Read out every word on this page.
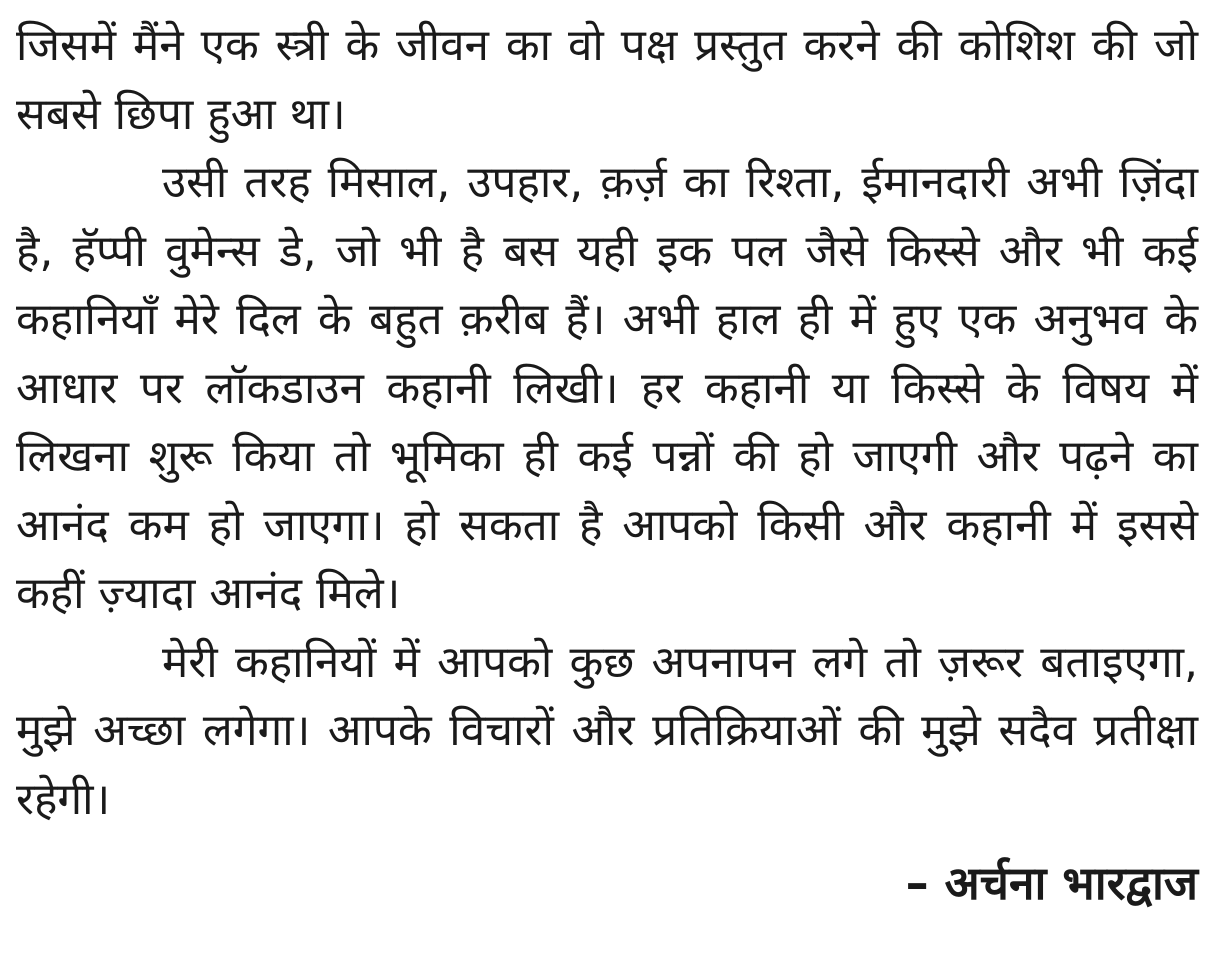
जिसमें मैंने एक स्त्री के जीवन का वो पक्ष प्रस्तुत करने की कोशिश की जो सबसे छिपा हुआ था।

उसी तरह मिसाल, उपहार, क़र्ज़ का रिश्ता, ईमानदारी अभी ज़िंदा है, हॅप्पी वुमेन्स डे, जो भी है बस यही इक पल जैसे किस्से और भी कई कहानियाँ मेरे दिल के बहुत क़रीब हैं। अभी हाल ही में हुए एक अनुभव के आधार पर लॉकडाउन कहानी लिखी। हर कहानी या किस्से के विषय में लिखना शुरू किया तो भूमिका ही कई पन्नों की हो जाएगी और पढ़ने का आनंद कम हो जाएगा। हो सकता है आपको किसी और कहानी में इससे कहीं ज़्यादा आनंद मिले।

मेरी कहानियों में आपको कुछ अपनापन लगे तो ज़रूर बताइएगा, मुझे अच्छा लगेगा। आपके विचारों और प्रतिक्रियाओं की मुझे सदैव प्रतीक्षा रहेगी।

– अर्चना भारद्वाज
